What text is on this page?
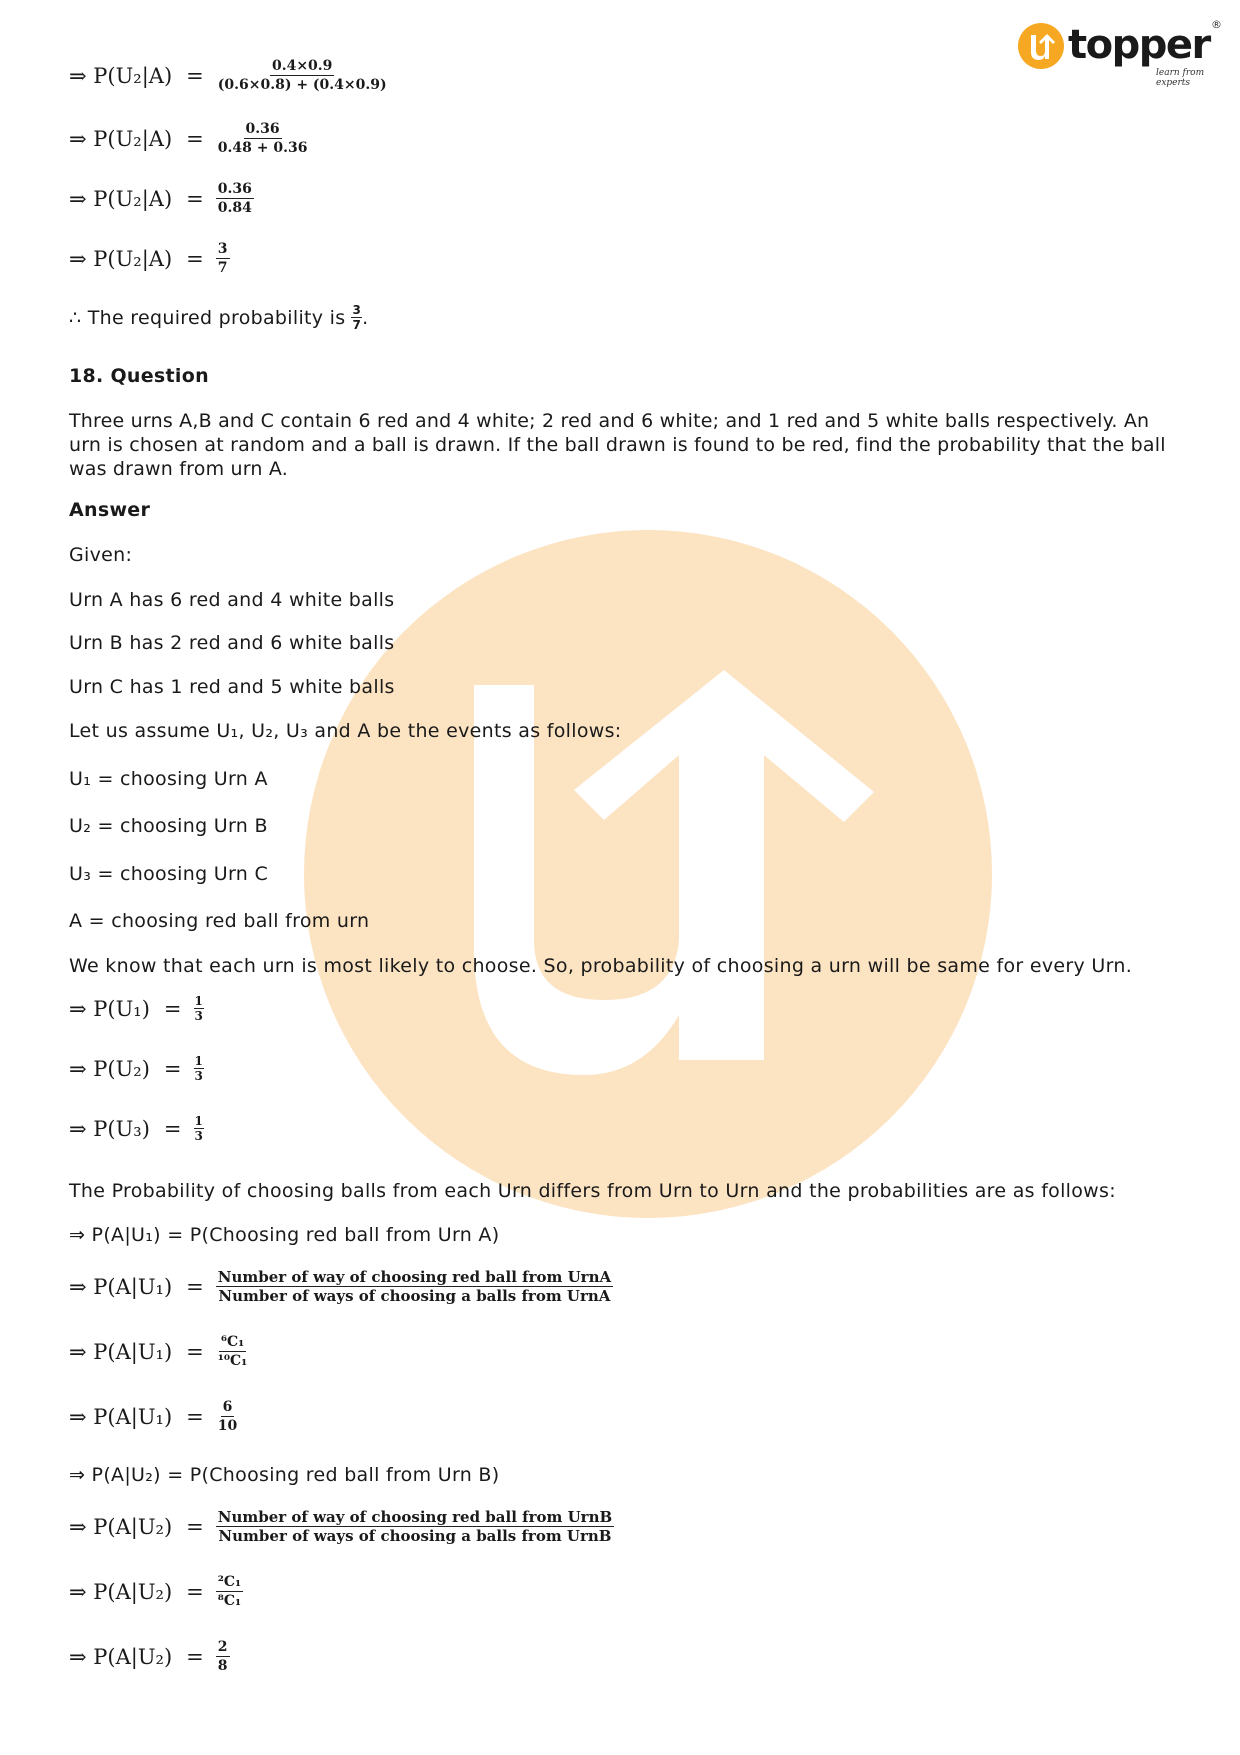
topper ®
learn from experts
⇒ $P(U_2|A) = \frac{0.4\times 0.9}{(0.6\times 0.8) + (0.4\times 0.9)}$
⇒ $P(U_2|A) = \frac{0.36}{0.48 + 0.36}$
⇒ $P(U_2|A) = \frac{0.36}{0.84}$
⇒ $P(U_2|A) = \frac{3}{7}$
∴ The required probability is $\frac{3}{7}$ .
18. Question
Three urns A,B and C contain 6 red and 4 white; 2 red and 6 white; and 1 red and 5 white balls respectively. An urn is chosen at random and a ball is drawn. If the ball drawn is found to be red, find the probability that the ball was drawn from urn A.
Answer
Given:
Urn A has 6 red and 4 white balls
Urn B has 2 red and 6 white balls
Urn C has 1 red and 5 white balls
Let us assume U₁, U₂, U₃ and A be the events as follows:
U₁ = choosing Urn A
U₂ = choosing Urn B
U₃ = choosing Urn C
A = choosing red ball from urn
We know that each urn is most likely to choose. So, probability of choosing a urn will be same for every Urn.
⇒ $P(U_1) = \frac{1}{3}$
⇒ $P(U_2) = \frac{1}{3}$
⇒ $P(U_3) = \frac{1}{3}$
The Probability of choosing balls from each Urn differs from Urn to Urn and the probabilities are as follows:
⇒ P(A|U₁) = P(Choosing red ball from Urn A)
⇒ $P(A|U_1) = \frac{\text{Number of way of choosing red ball from UrnA}}{\text{Number of ways of choosing a balls from UrnA}}$
⇒ $P(A|U_1) = \frac{\text{⁶C₁}}{\text{¹⁰C₁}}$
⇒ $P(A|U_1) = \frac{6}{10}$
⇒ P(A|U₂) = P(Choosing red ball from Urn B)
⇒ $P(A|U_2) = \frac{\text{Number of way of choosing red ball from UrnB}}{\text{Number of ways of choosing a balls from UrnB}}$
⇒ $P(A|U_2) = \frac{\text{²C₁}}{\text{⁸C₁}}$
⇒ $P(A|U_2) = \frac{2}{8}$
